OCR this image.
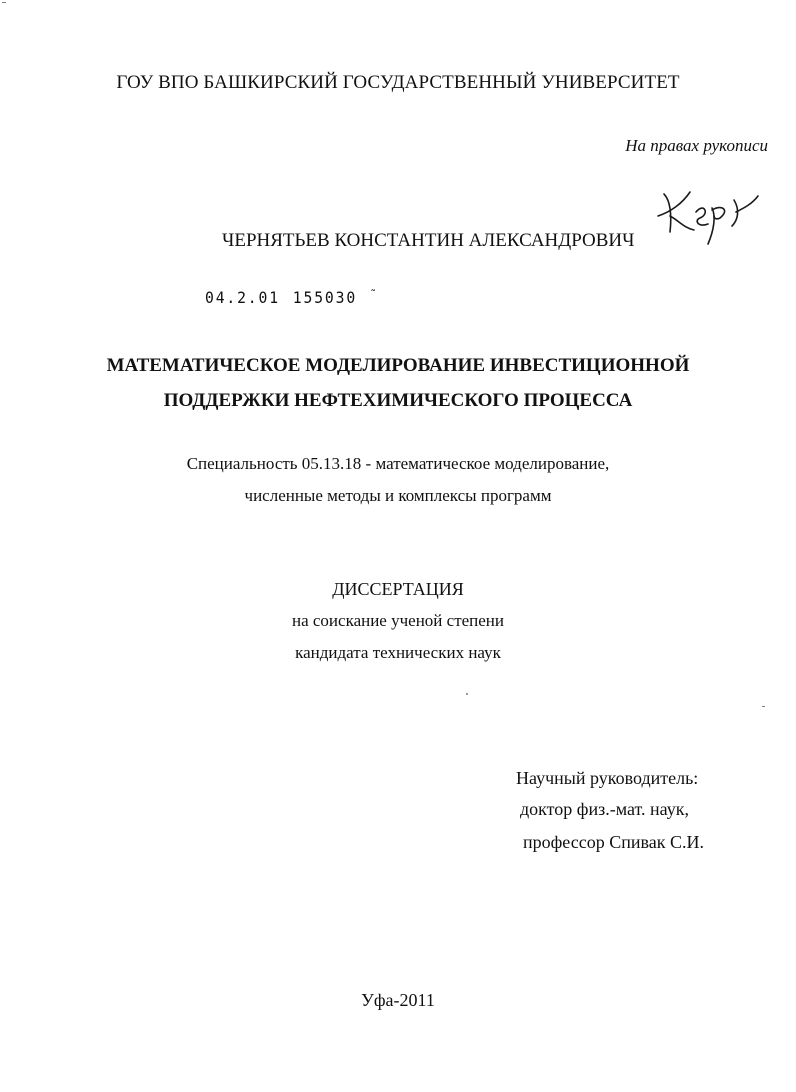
ГОУ ВПО БАШКИРСКИЙ ГОСУДАРСТВЕННЫЙ УНИВЕРСИТЕТ
На правах рукописи
ЧЕРНЯТЬЕВ КОНСТАНТИН АЛЕКСАНДРОВИЧ
04.2.01 155030 ˜
МАТЕМАТИЧЕСКОЕ МОДЕЛИРОВАНИЕ ИНВЕСТИЦИОННОЙ
ПОДДЕРЖКИ НЕФТЕХИМИЧЕСКОГО ПРОЦЕССА
Специальность 05.13.18 - математическое моделирование,
численные методы и комплексы программ
ДИССЕРТАЦИЯ
на соискание ученой степени
кандидата технических наук
Научный руководитель:
доктор физ.-мат. наук,
профессор Спивак С.И.
Уфа-2011
